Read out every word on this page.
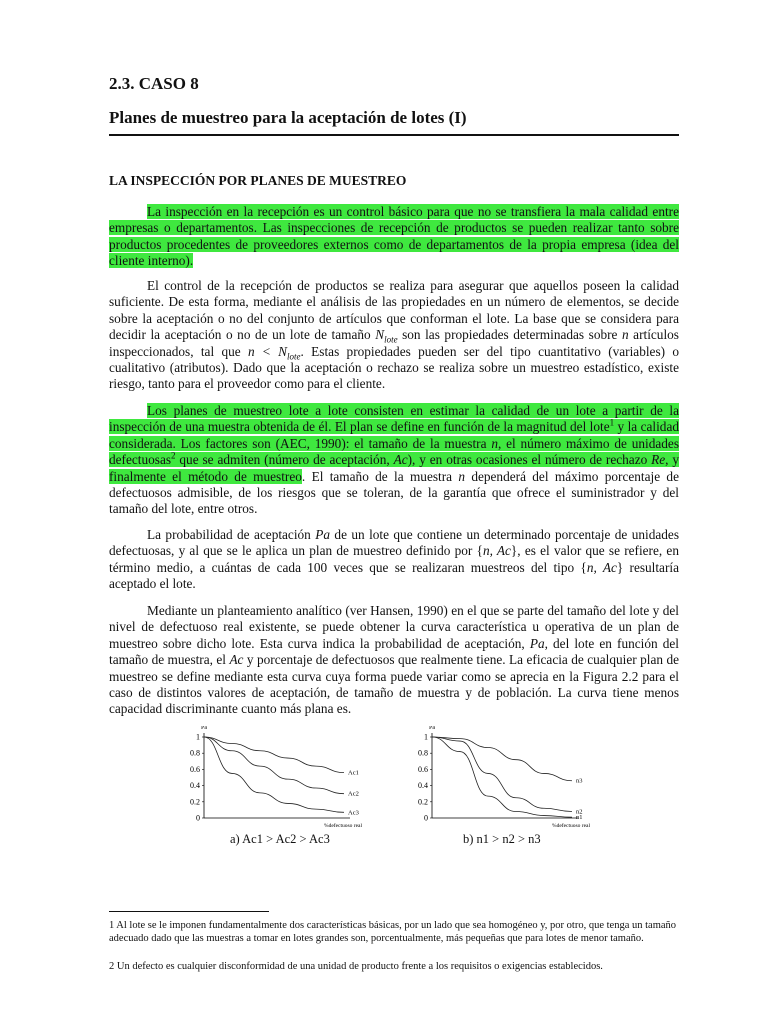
2.3. CASO 8
Planes de muestreo para la aceptación de lotes (I)
LA INSPECCIÓN POR PLANES DE MUESTREO

La inspección en la recepción es un control básico para que no se transfiera la mala calidad entre empresas o departamentos. Las inspecciones de recepción de productos se pueden realizar tanto sobre productos procedentes de proveedores externos como de departamentos de la propia empresa (idea del cliente interno).

El control de la recepción de productos se realiza para asegurar que aquellos poseen la calidad suficiente. De esta forma, mediante el análisis de las propiedades en un número de elementos, se decide sobre la aceptación o no del conjunto de artículos que conforman el lote. La base que se considera para decidir la aceptación o no de un lote de tamaño $N_{lote}$ son las propiedades determinadas sobre n artículos inspeccionados, tal que $n < N_{lote}$. Estas propiedades pueden ser del tipo cuantitativo (variables) o cualitativo (atributos). Dado que la aceptación o rechazo se realiza sobre un muestreo estadístico, existe riesgo, tanto para el proveedor como para el cliente.

Los planes de muestreo lote a lote consisten en estimar la calidad de un lote a partir de la inspección de una muestra obtenida de él. El plan se define en función de la magnitud del lote$^1$ y la calidad considerada. Los factores son (AEC, 1990): el tamaño de la muestra n, el número máximo de unidades defectuosas$^2$ que se admiten (número de aceptación, Ac), y en otras ocasiones el número de rechazo Re, y finalmente el método de muestreo. El tamaño de la muestra n dependerá del máximo porcentaje de defectuosos admisible, de los riesgos que se toleran, de la garantía que ofrece el suministrador y del tamaño del lote, entre otros.

La probabilidad de aceptación Pa de un lote que contiene un determinado porcentaje de unidades defectuosas, y al que se le aplica un plan de muestreo definido por {n, Ac}, es el valor que se refiere, en término medio, a cuántas de cada 100 veces que se realizaran muestreos del tipo {n, Ac} resultaría aceptado el lote.

Mediante un planteamiento analítico (ver Hansen, 1990) en el que se parte del tamaño del lote y del nivel de defectuoso real existente, se puede obtener la curva característica u operativa de un plan de muestreo sobre dicho lote. Esta curva indica la probabilidad de aceptación, Pa, del lote en función del tamaño de muestra, el Ac y porcentaje de defectuosos que realmente tiene. La eficacia de cualquier plan de muestreo se define mediante esta curva cuya forma puede variar como se aprecia en la Figura 2.2 para el caso de distintos valores de aceptación, de tamaño de muestra y de población. La curva tiene menos capacidad discriminante cuanto más plana es.

Pa
0
0.2
0.4
0.6
0.8
1
%defectuoso real
Ac1
Ac2
Ac3
Pa
0
0.2
0.4
0.6
0.8
1
%defectuoso real
n3
n2
n1
a) Ac1 > Ac2 > Ac3	b) n1 > n2 > n3

1 Al lote se le imponen fundamentalmente dos características básicas, por un lado que sea homogéneo y, por otro, que tenga un tamaño adecuado dado que las muestras a tomar en lotes grandes son, porcentualmente, más pequeñas que para lotes de menor tamaño.

2 Un defecto es cualquier disconformidad de una unidad de producto frente a los requisitos o exigencias establecidos.
